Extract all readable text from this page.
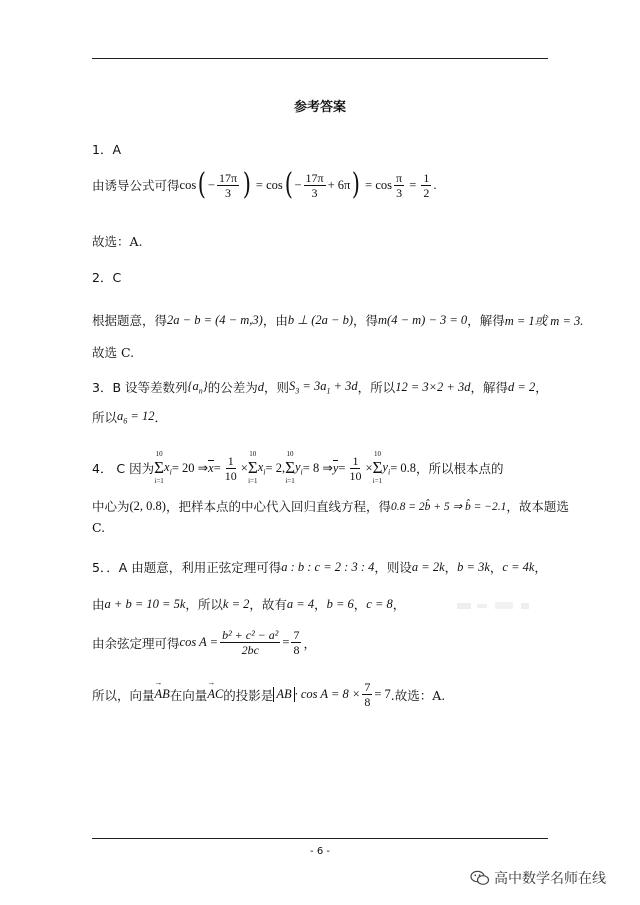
参考答案
1．A
由诱导公式可得 cos ( − $\frac{17\pi}{3}$ ) = cos ( − $\frac{17\pi}{3} + 6\pi$ ) = $\cos \frac{\pi}{3} = \frac{1}{2}$ .
故选：A.
2．C
根据题意，得 2a − b = (4 − m,3) ，由 b ⊥ (2a − b) ，得 m(4 − m) − 3 = 0 ，解得 m = 1或 m = 3.
故选 C.
3．B 设等差数列 $\{a_n\}$ 的公差为 d ，则 $S_3 = 3a_1 + 3d$ ，所以 12 = 3×2 + 3d ，解得 d = 2 ，
所以 $a_6 = 12$ ．
4． C 因为
10
Σ
i=1
$x_i = 20$ ⇒ $x = \frac{1}{10}$ ×
10
Σ
i=1
$x_i = 2$,
10
Σ
i=1
$y_i = 8$ ⇒ $y = \frac{1}{10}$ ×
10
Σ
i=1
$y_i = 0.8$ ，所以根本点的
中心为 (2, 0.8) ，把样本点的中心代入回归直线方程，得 0.8 = 2b̂ + 5 ⇒ b̂ = −2.1 ，故本题选
C.
5．．A 由题意，利用正弦定理可得 a : b : c = 2 : 3 : 4 ，则设 a = 2k ， b = 3k ， c = 4k ，
由 a + b = 10 = 5k ，所以 k = 2 ，故有 a = 4 ， b = 6 ， c = 8 ，
由余弦定理可得 $\cos A = \frac{\text{b² + c² − a²}}{2bc} = \frac{7}{8}$ ，
所以，向量 → AB 在向量 → AC 的投影是 AB · $\cos A = 8 \times \frac{7}{8} = 7$ .故选：A.
- 6 -
高中数学名师在线
